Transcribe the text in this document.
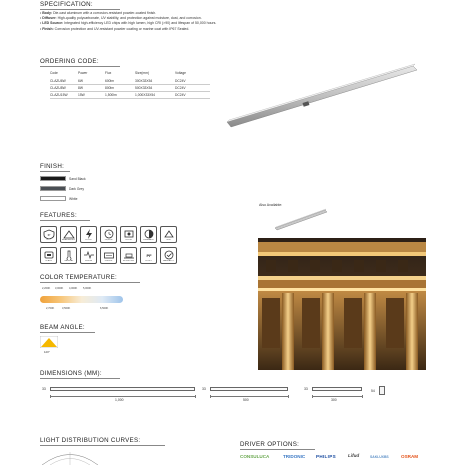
SPECIFICATION:
• Body: Die-cast aluminum with a corrosion-resistant powder-coated finish.
• Diffuser: High-quality polycarbonate, UV stability, and protection against moisture, dust, and corrosion.
• LED Source: Integrated high-efficiency LED chips with high lumen, high CRI (>90) and lifespan of 50,000 hours.
• Finish: Corrosion protection and UV-resistant powder coating or marine coat with IP67 Sealed.
ORDERING CODE:
Code	Power	Flux	Size(mm)	Voltage
CLAZU6W	6W	600lm	300X33X54	DC24V
CLAZU8W	8W	800lm	500X33X54	DC24V
CLAZU15W	15W	1,500lm	1,000X33X54	DC24V
FINISH:
Sand Black
Dark Grey
White
Also Available:
FEATURES:
IP
IP67	BEAM ANGLE	DC24V	50,000H	CRI>90	DIMMABLE	IK08
CLASS	THERMAL	SURGE	DRIVER	MOUNTING
PF
PF>0.9	WARRANTY
COLOR TEMPERATURE:
2,200K 3,000K 4,000K 5,000K
2,700K	3,500K	6,500K
BEAM ANGLE:
120°
DIMENSIONS (MM):
33
1,000
33
500
33
300
54
LIGHT DISTRIBUTION CURVES:
DRIVER OPTIONS:
CONSULUCA	TRIDONIC PHILIPS	Lifud	SAKLUXBS	OSRAM
